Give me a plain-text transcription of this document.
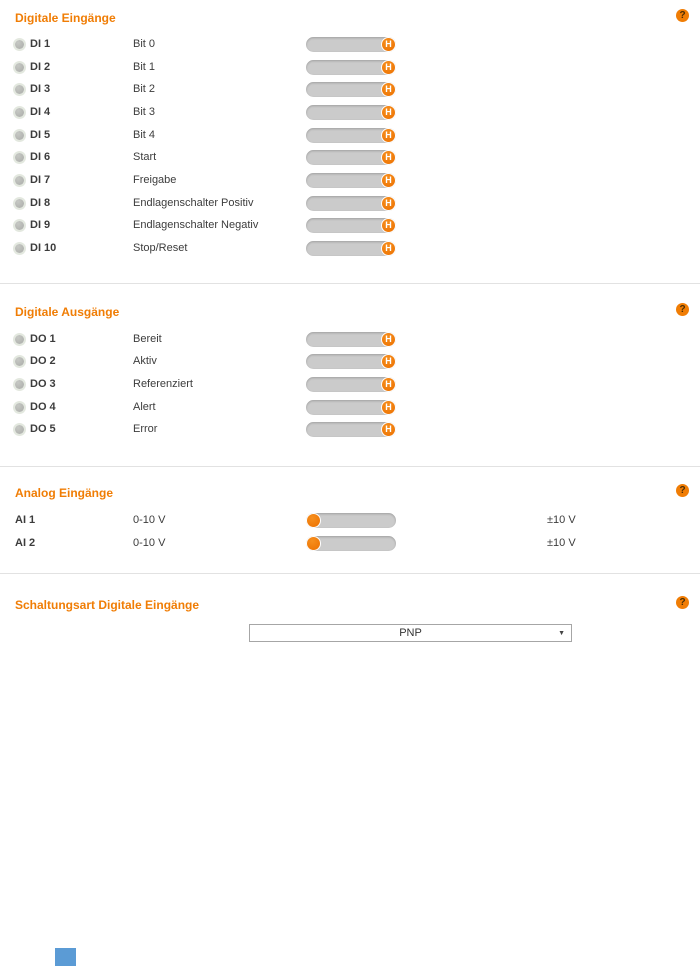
Digitale Eingänge	?
DI 1	Bit 0	H
DI 2	Bit 1	H
DI 3	Bit 2	H
DI 4	Bit 3	H
DI 5	Bit 4	H
DI 6	Start	H
DI 7	Freigabe	H
DI 8	Endlagenschalter Positiv	H
DI 9	Endlagenschalter Negativ	H
DI 10	Stop/Reset	H
Digitale Ausgänge	?
DO 1	Bereit	H
DO 2	Aktiv	H
DO 3	Referenziert	H
DO 4	Alert	H
DO 5	Error	H
Analog Eingänge	?
AI 1	0-10 V	±10 V
AI 2	0-10 V	±10 V
Schaltungsart Digitale Eingänge	?
PNP	▼
